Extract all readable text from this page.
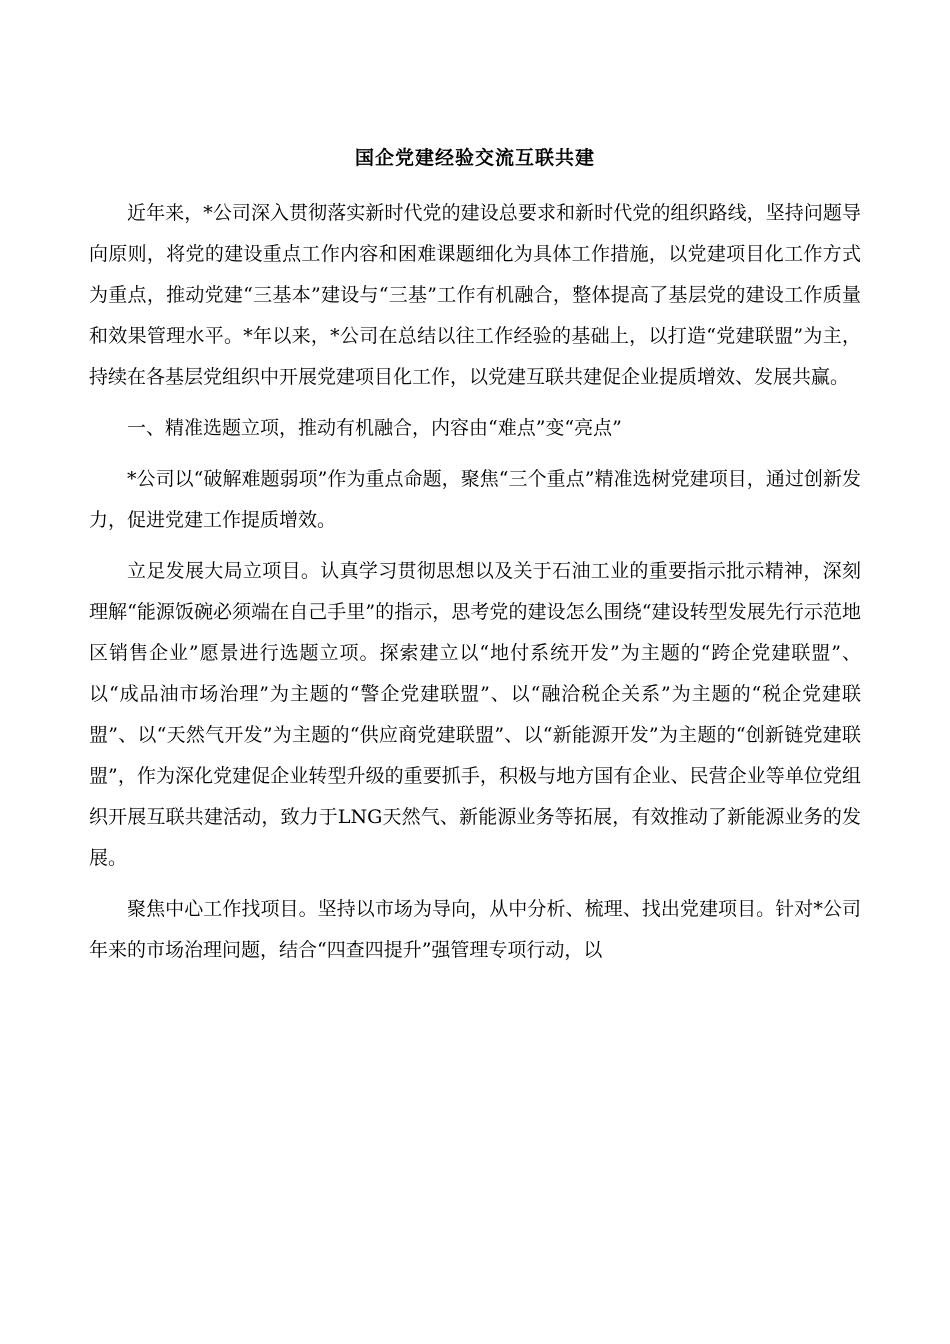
国企党建经验交流互联共建

近年来，*公司深入贯彻落实新时代党的建设总要求和新时代党的组织路线，坚持问题导向原则，将党的建设重点工作内容和困难课题细化为具体工作措施，以党建项目化工作方式为重点，推动党建“三基本”建设与“三基”工作有机融合，整体提高了基层党的建设工作质量和效果管理水平。*年以来，*公司在总结以往工作经验的基础上，以打造“党建联盟”为主，持续在各基层党组织中开展党建项目化工作，以党建互联共建促企业提质增效、发展共赢。

一、精准选题立项，推动有机融合，内容由“难点”变“亮点”

*公司以“破解难题弱项”作为重点命题，聚焦“三个重点”精准选树党建项目，通过创新发力，促进党建工作提质增效。

立足发展大局立项目。认真学习贯彻思想以及关于石油工业的重要指示批示精神，深刻理解“能源饭碗必须端在自己手里”的指示，思考党的建设怎么围绕“建设转型发展先行示范地区销售企业”愿景进行选题立项。探索建立以“地付系统开发”为主题的“跨企党建联盟”、以“成品油市场治理”为主题的“警企党建联盟”、以“融洽税企关系”为主题的“税企党建联盟”、以“天然气开发”为主题的“供应商党建联盟”、以“新能源开发”为主题的“创新链党建联盟”，作为深化党建促企业转型升级的重要抓手，积极与地方国有企业、民营企业等单位党组织开展互联共建活动，致力于LNG天然气、新能源业务等拓展，有效推动了新能源业务的发展。

聚焦中心工作找项目。坚持以市场为导向，从中分析、梳理、找出党建项目。针对*公司年来的市场治理问题，结合“四查四提升”强管理专项行动，以
